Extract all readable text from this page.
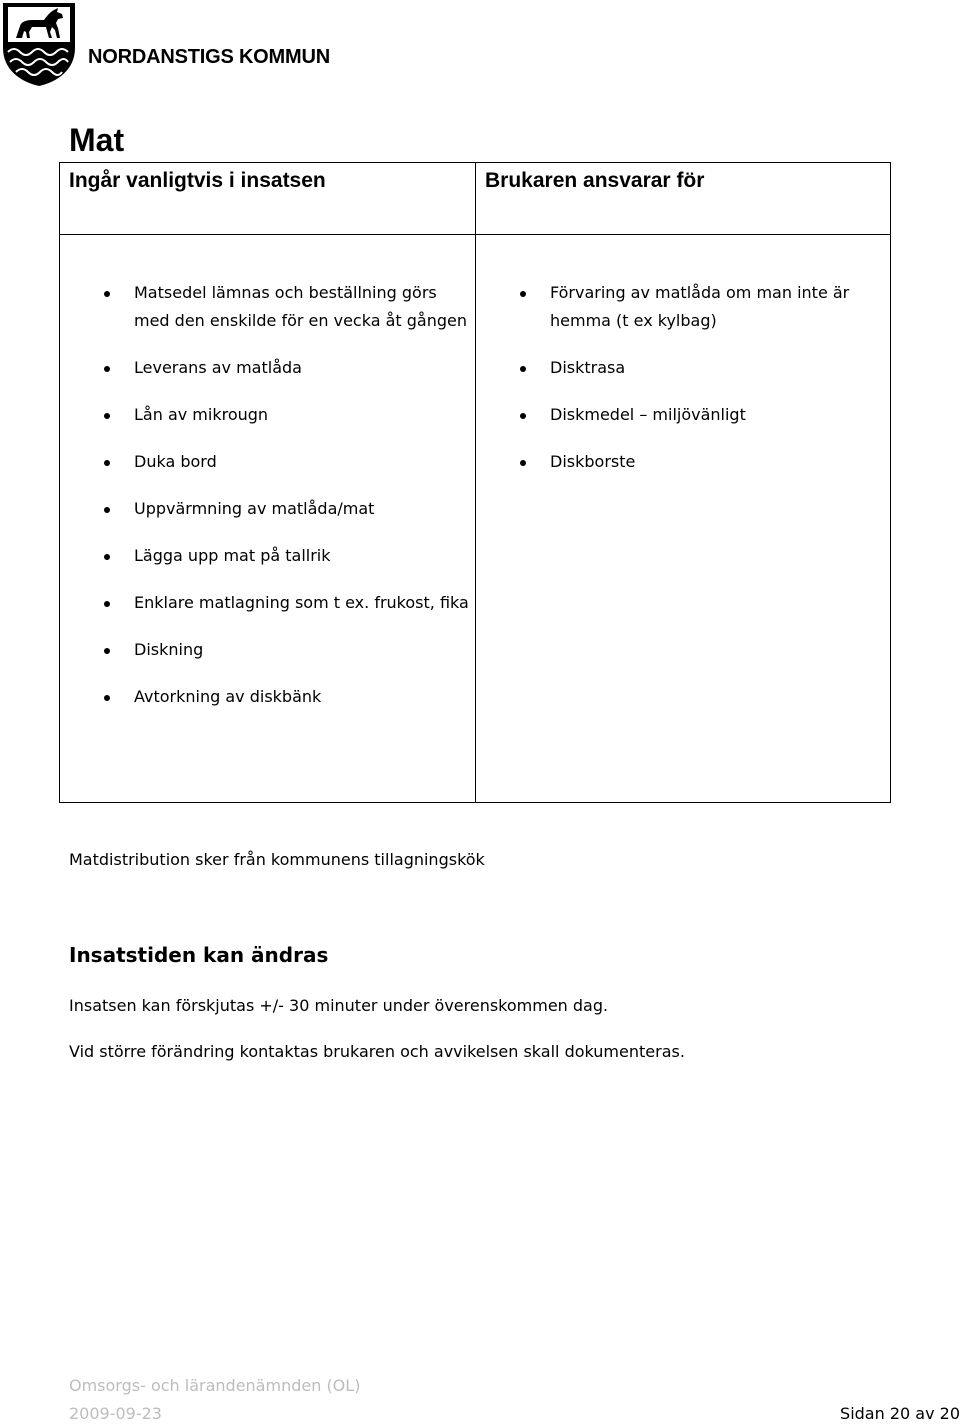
NORDANSTIGS KOMMUN
Mat
Ingår vanligtvis i insatsen	Brukaren ansvarar för
Matsedel lämnas och beställning görs med den enskilde för en vecka åt gången
Leverans av matlåda
Lån av mikrougn
Duka bord
Uppvärmning av matlåda/mat
Lägga upp mat på tallrik
Enklare matlagning som t ex. frukost, fika
Diskning
Avtorkning av diskbänk
Förvaring av matlåda om man inte är hemma (t ex kylbag)
Disktrasa
Diskmedel – miljövänligt
Diskborste

Matdistribution sker från kommunens tillagningskök

Insatstiden kan ändras

Insatsen kan förskjutas +/- 30 minuter under överenskommen dag.

Vid större förändring kontaktas brukaren och avvikelsen skall dokumenteras.

Omsorgs- och lärandenämnden (OL)
2009-09-23	Sidan 20 av 20
